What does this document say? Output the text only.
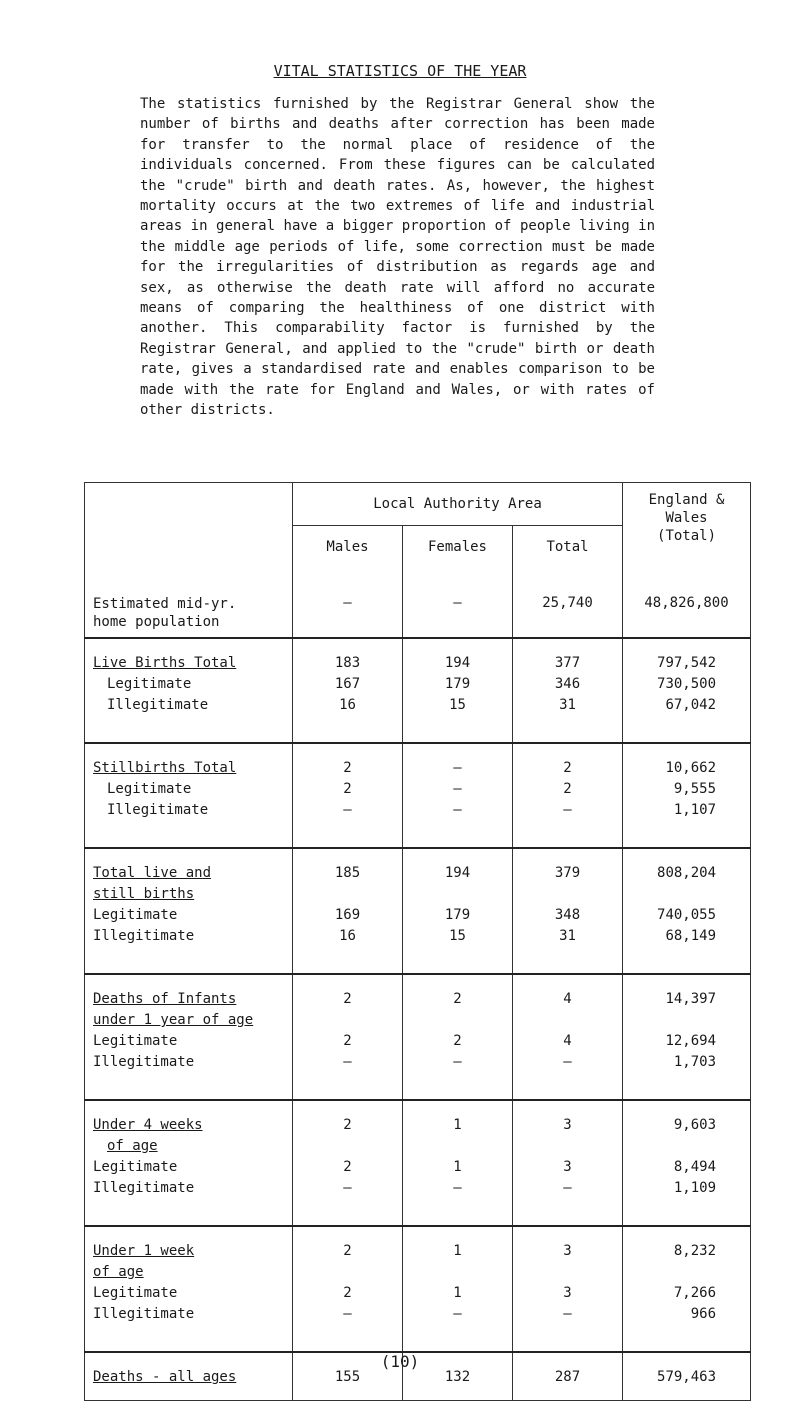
VITAL STATISTICS OF THE YEAR

The statistics furnished by the Registrar General show the number of births and deaths after correction has been made for transfer to the normal place of residence of the individuals concerned. From these figures can be calculated the "crude" birth and death rates. As, however, the highest mortality occurs at the two extremes of life and industrial areas in general have a bigger proportion of people living in the middle age periods of life, some correction must be made for the irregularities of distribution as regards age and sex, as otherwise the death rate will afford no accurate means of comparing the healthiness of one district with another. This comparability factor is furnished by the Registrar General, and applied to the "crude" birth or death rate, gives a standardised rate and enables comparison to be made with the rate for England and Wales, or with rates of other districts.

	Local Authority Area			England & Wales (Total)
	Males	Females	Total	

Estimated mid-yr.
home population	–	–	25,740	48,826,800
Live Births Total	183	194	377	797,542
Legitimate	167	179	346	730,500
Illegitimate	16	15	31	67,042
Stillbirths Total	2	–	2	10,662
Legitimate	2	–	2	9,555
Illegitimate	–	–	–	1,107
Total live and	185	194	379	808,204
still births				
Legitimate	169	179	348	740,055
Illegitimate	16	15	31	68,149
Deaths of Infants	2	2	4	14,397
under 1 year of age				
Legitimate	2	2	4	12,694
Illegitimate	–	–	–	1,703
Under 4 weeks	2	1	3	9,603
of age				
Legitimate	2	1	3	8,494
Illegitimate	–	–	–	1,109
Under 1 week	2	1	3	8,232
of age				
Legitimate	2	1	3	7,266
Illegitimate	–	–	–	966
Deaths - all ages	155	132	287	579,463
(10)
